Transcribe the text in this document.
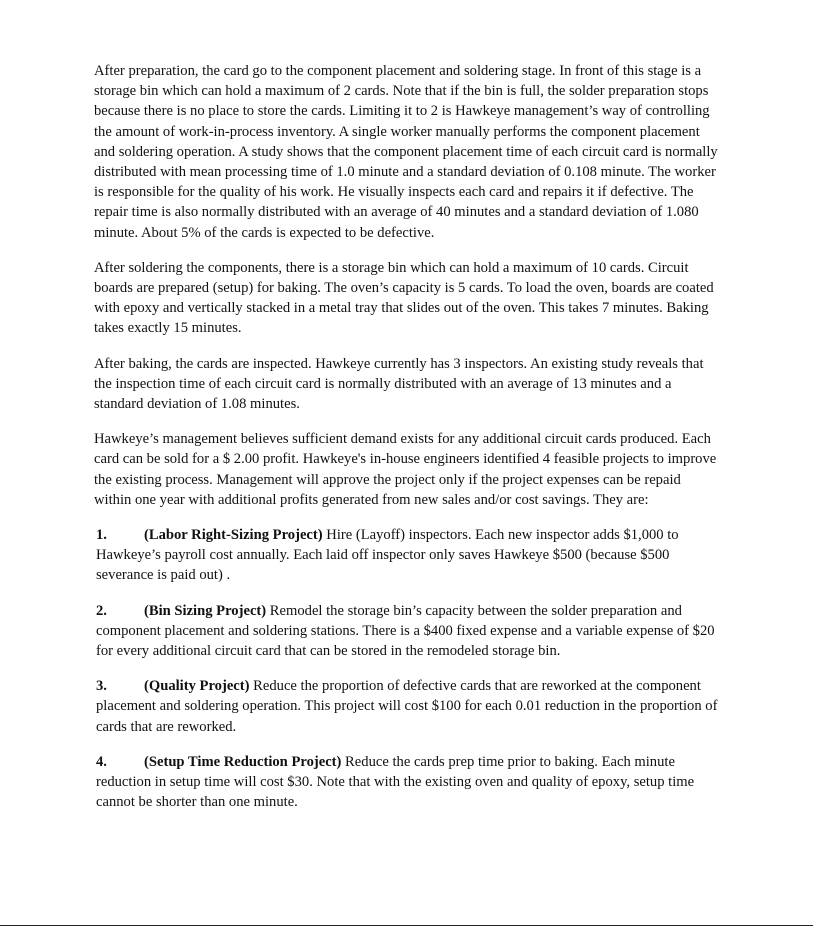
After preparation, the card go to the component placement and soldering stage. In front of this stage is a storage bin which can hold a maximum of 2 cards. Note that if the bin is full, the solder preparation stops because there is no place to store the cards. Limiting it to 2 is Hawkeye management’s way of controlling the amount of work-in-process inventory. A single worker manually performs the component placement and soldering operation. A study shows that the component placement time of each circuit card is normally distributed with mean processing time of 1.0 minute and a standard deviation of 0.108 minute. The worker is responsible for the quality of his work. He visually inspects each card and repairs it if defective. The repair time is also normally distributed with an average of 40 minutes and a standard deviation of 1.080 minute. About 5% of the cards is expected to be defective.

After soldering the components, there is a storage bin which can hold a maximum of 10 cards. Circuit boards are prepared (setup) for baking. The oven’s capacity is 5 cards. To load the oven, boards are coated with epoxy and vertically stacked in a metal tray that slides out of the oven. This takes 7 minutes. Baking takes exactly 15 minutes.

After baking, the cards are inspected. Hawkeye currently has 3 inspectors. An existing study reveals that the inspection time of each circuit card is normally distributed with an average of 13 minutes and a standard deviation of 1.08 minutes.

Hawkeye’s management believes sufficient demand exists for any additional circuit cards produced. Each card can be sold for a $ 2.00 profit. Hawkeye's in-house engineers identified 4 feasible projects to improve the existing process. Management will approve the project only if the project expenses can be repaid within one year with additional profits generated from new sales and/or cost savings. They are:

1.	(Labor Right-Sizing Project) Hire (Layoff) inspectors. Each new inspector adds $1,000 to Hawkeye’s payroll cost annually. Each laid off inspector only saves Hawkeye $500 (because $500 severance is paid out) .
2.	(Bin Sizing Project) Remodel the storage bin’s capacity between the solder preparation and component placement and soldering stations. There is a $400 fixed expense and a variable expense of $20 for every additional circuit card that can be stored in the remodeled storage bin.
3.	(Quality Project) Reduce the proportion of defective cards that are reworked at the component placement and soldering operation. This project will cost $100 for each 0.01 reduction in the proportion of cards that are reworked.
4.	(Setup Time Reduction Project) Reduce the cards prep time prior to baking. Each minute reduction in setup time will cost $30. Note that with the existing oven and quality of epoxy, setup time cannot be shorter than one minute.
